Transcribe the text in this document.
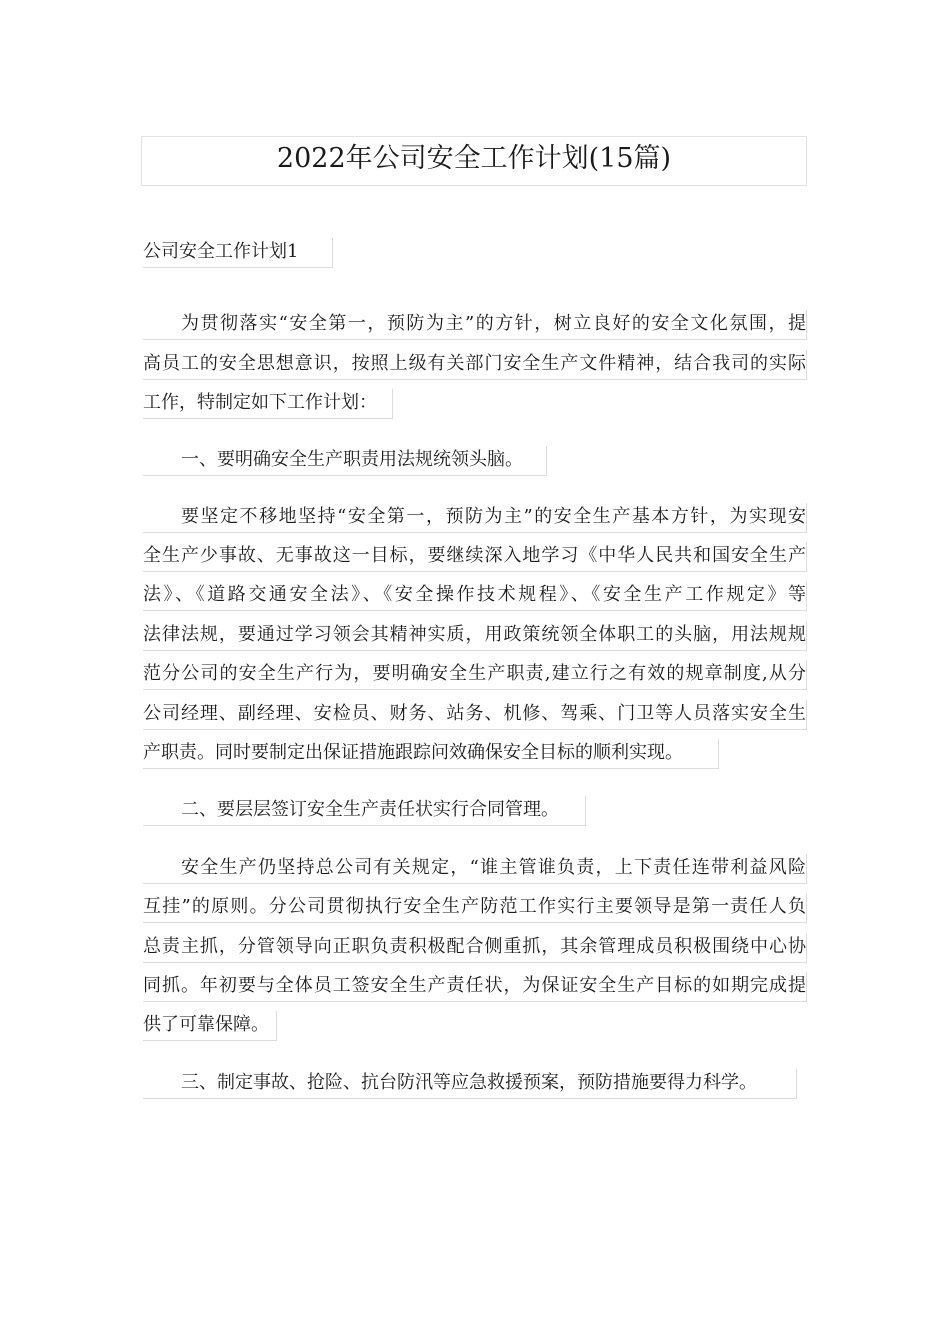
2022年公司安全工作计划(15篇)
公司安全工作计划1
为贯彻落实“安全第一，预防为主”的方针，树立良好的安全文化氛围，提
高员工的安全思想意识，按照上级有关部门安全生产文件精神，结合我司的实际
工作，特制定如下工作计划：
一、要明确安全生产职责用法规统领头脑。
要坚定不移地坚持“安全第一，预防为主”的安全生产基本方针，为实现安
全生产少事故、无事故这一目标，要继续深入地学习《中华人民共和国安全生产
法》、《道路交通安全法》、《安全操作技术规程》、《安全生产工作规定》等
法律法规，要通过学习领会其精神实质，用政策统领全体职工的头脑，用法规规
范分公司的安全生产行为，要明确安全生产职责,建立行之有效的规章制度,从分
公司经理、副经理、安检员、财务、站务、机修、驾乘、门卫等人员落实安全生
产职责。同时要制定出保证措施跟踪问效确保安全目标的顺利实现。
二、要层层签订安全生产责任状实行合同管理。
安全生产仍坚持总公司有关规定，“谁主管谁负责，上下责任连带利益风险
互挂”的原则。分公司贯彻执行安全生产防范工作实行主要领导是第一责任人负
总责主抓，分管领导向正职负责积极配合侧重抓，其余管理成员积极围绕中心协
同抓。年初要与全体员工签安全生产责任状，为保证安全生产目标的如期完成提
供了可靠保障。
三、制定事故、抢险、抗台防汛等应急救援预案，预防措施要得力科学。
